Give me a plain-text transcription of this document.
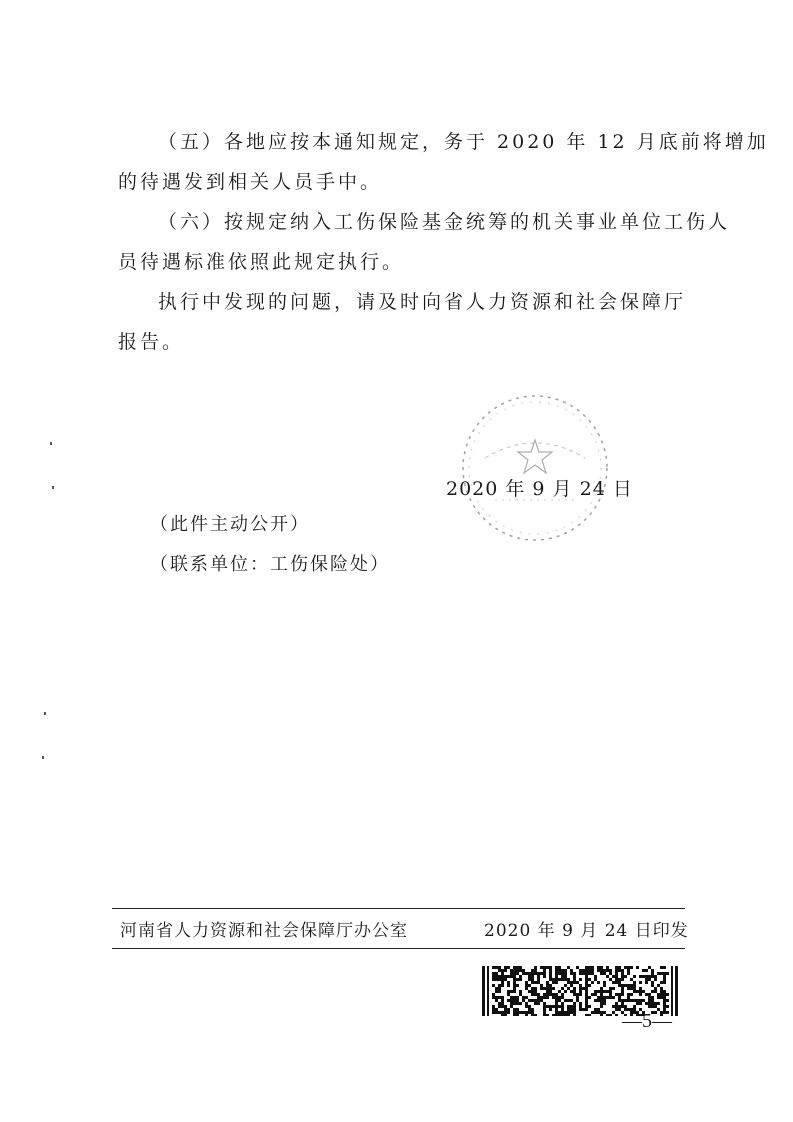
（五）各地应按本通知规定，务于 2020 年 12 月底前将增加
的待遇发到相关人员手中。
（六）按规定纳入工伤保险基金统筹的机关事业单位工伤人
员待遇标准依照此规定执行。
执行中发现的问题，请及时向省人力资源和社会保障厅
报告。
2020 年 9 月 24 日
（此件主动公开）
（联系单位：工伤保险处）
河南省人力资源和社会保障厅办公室	2020 年 9 月 24 日印发
—5—
